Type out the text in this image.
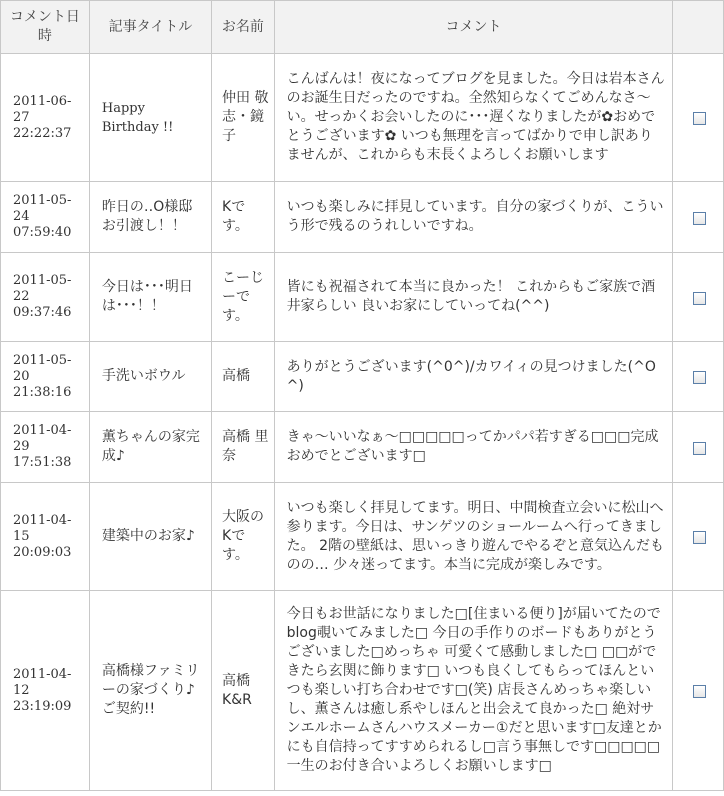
コメント日時	記事タイトル	お名前	コメント	
2011-06-27 22:22:37	Happy Birthday !!	仲田 敬志・鏡子	こんばんは！夜になってブログを見ました。今日は岩本さんのお誕生日だったのですね。全然知らなくてごめんなさ～い。せっかくお会いしたのに･･･遅くなりましたが✿おめでとうございます✿ いつも無理を言ってばかりで申し訳ありませんが、これからも末長くよろしくお願いします	
2011-05-24 07:59:40	昨日の‥O様邸お引渡し！！	Kです。	いつも楽しみに拝見しています。自分の家づくりが、こういう形で残るのうれしいですね。	
2011-05-22 09:37:46	今日は･･･明日は･･･！！	こーじーです。	皆にも祝福されて本当に良かった！ これからもご家族で酒井家らしい 良いお家にしていってね(^^)	
2011-05-20 21:38:16	手洗いボウル	高橋	ありがとうございます(^0^)/カワイィの見つけました(^O^)	
2011-04-29 17:51:38	薫ちゃんの家完成♪	高橋 里奈	きゃ〜いいなぁ〜□□□□□ってかパパ若すぎる□□□完成おめでとございます□	
2011-04-15 20:09:03	建築中のお家♪	大阪のKです。	いつも楽しく拝見してます。明日、中間検査立会いに松山へ参ります。今日は、サンゲツのショールームへ行ってきました。 2階の壁紙は、思いっきり遊んでやるぞと意気込んだものの… 少々迷ってます。本当に完成が楽しみです。	
2011-04-12 23:19:09	高橋様ファミリーの家づくり♪ ご契約!!	高橋 K&R	今日もお世話になりました□[住まいる便り]が届いてたのでblog覗いてみました□ 今日の手作りのボードもありがとうございました□めっちゃ 可愛くて感動しました□ □□ができたら玄関に飾ります□ いつも良くしてもらってほんといつも楽しい打ち合わせです□(笑) 店長さんめっちゃ楽しいし、薫さんは癒し系やしほんと出会えて良かった□ 絶対サンエルホームさんハウスメーカー①だと思います□友達とかにも自信持ってすすめられるし□言う事無しです□□□□□ 一生のお付き合いよろしくお願いします□	
